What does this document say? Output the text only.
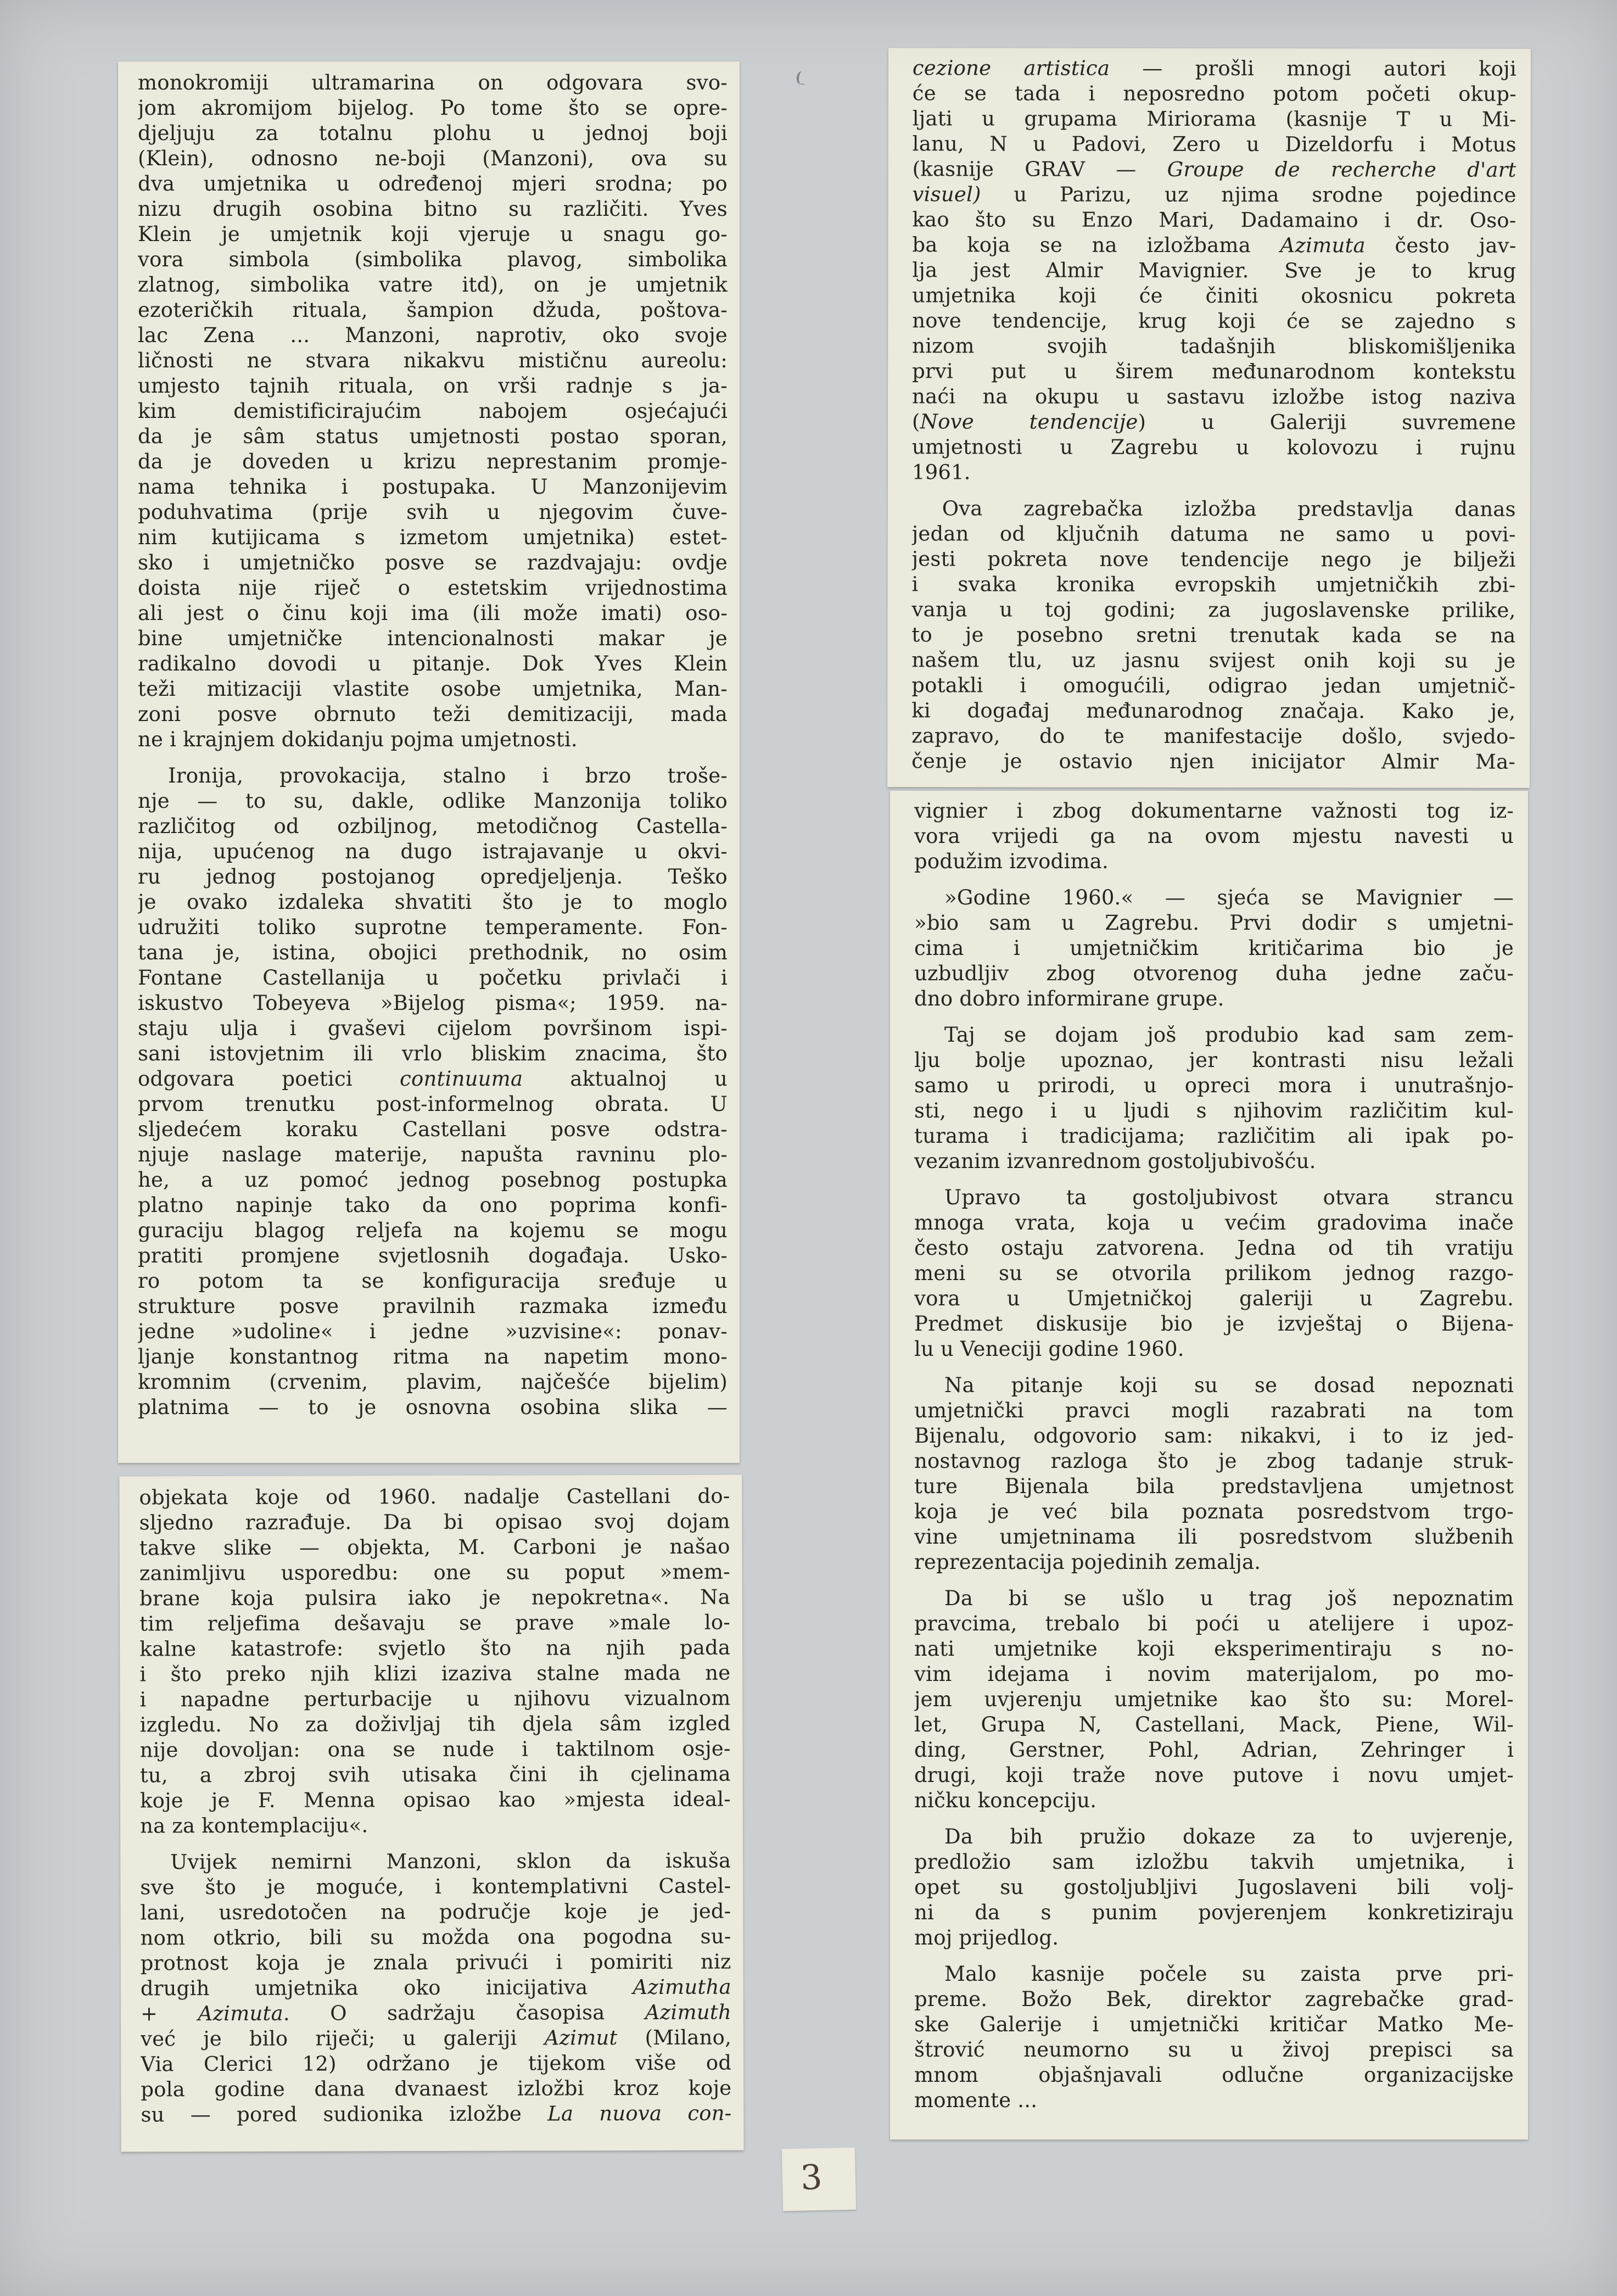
monokromiji ultramarina on odgovara svo-
jom akromijom bijelog. Po tome što se opre-
djeljuju za totalnu plohu u jednoj boji
(Klein), odnosno ne-boji (Manzoni), ova su
dva umjetnika u određenoj mjeri srodna; po
nizu drugih osobina bitno su različiti. Yves
Klein je umjetnik koji vjeruje u snagu go-
vora simbola (simbolika plavog, simbolika
zlatnog, simbolika vatre itd), on je umjetnik
ezoteričkih rituala, šampion džuda, poštova-
lac Zena ... Manzoni, naprotiv, oko svoje
ličnosti ne stvara nikakvu mističnu aureolu:
umjesto tajnih rituala, on vrši radnje s ja-
kim demistificirajućim nabojem osjećajući
da je sâm status umjetnosti postao sporan,
da je doveden u krizu neprestanim promje-
nama tehnika i postupaka. U Manzonijevim
poduhvatima (prije svih u njegovim čuve-
nim kutijicama s izmetom umjetnika) estet-
sko i umjetničko posve se razdvajaju: ovdje
doista nije riječ o estetskim vrijednostima
ali jest o činu koji ima (ili može imati) oso-
bine umjetničke intencionalnosti makar je
radikalno dovodi u pitanje. Dok Yves Klein
teži mitizaciji vlastite osobe umjetnika, Man-
zoni posve obrnuto teži demitizaciji, mada
ne i krajnjem dokidanju pojma umjetnosti.
Ironija, provokacija, stalno i brzo troše-
nje — to su, dakle, odlike Manzonija toliko
različitog od ozbiljnog, metodičnog Castella-
nija, upućenog na dugo istrajavanje u okvi-
ru jednog postojanog opredjeljenja. Teško
je ovako izdaleka shvatiti što je to moglo
udružiti toliko suprotne temperamente. Fon-
tana je, istina, obojici prethodnik, no osim
Fontane Castellanija u početku privlači i
iskustvo Tobeyeva »Bijelog pisma«; 1959. na-
staju ulja i gvaševi cijelom površinom ispi-
sani istovjetnim ili vrlo bliskim znacima, što
odgovara poetici continuuma aktualnoj u
prvom trenutku post-informelnog obrata. U
sljedećem koraku Castellani posve odstra-
njuje naslage materije, napušta ravninu plo-
he, a uz pomoć jednog posebnog postupka
platno napinje tako da ono poprima konfi-
guraciju blagog reljefa na kojemu se mogu
pratiti promjene svjetlosnih događaja. Usko-
ro potom ta se konfiguracija sređuje u
strukture posve pravilnih razmaka između
jedne »udoline« i jedne »uzvisine«: ponav-
ljanje konstantnog ritma na napetim mono-
kromnim (crvenim, plavim, najčešće bijelim)
platnima — to je osnovna osobina slika —
objekata koje od 1960. nadalje Castellani do-
sljedno razrađuje. Da bi opisao svoj dojam
takve slike — objekta, M. Carboni je našao
zanimljivu usporedbu: one su poput »mem-
brane koja pulsira iako je nepokretna«. Na
tim reljefima dešavaju se prave »male lo-
kalne katastrofe: svjetlo što na njih pada
i što preko njih klizi izaziva stalne mada ne
i napadne perturbacije u njihovu vizualnom
izgledu. No za doživljaj tih djela sâm izgled
nije dovoljan: ona se nude i taktilnom osje-
tu, a zbroj svih utisaka čini ih cjelinama
koje je F. Menna opisao kao »mjesta ideal-
na za kontemplaciju«.
Uvijek nemirni Manzoni, sklon da iskuša
sve što je moguće, i kontemplativni Castel-
lani, usredotočen na područje koje je jed-
nom otkrio, bili su možda ona pogodna su-
protnost koja je znala privući i pomiriti niz
drugih umjetnika oko inicijativa Azimutha
+ Azimuta. O sadržaju časopisa Azimuth
već je bilo riječi; u galeriji Azimut (Milano,
Via Clerici 12) održano je tijekom više od
pola godine dana dvanaest izložbi kroz koje
su — pored sudionika izložbe La nuova con-
cezione artistica — prošli mnogi autori koji
će se tada i neposredno potom početi okup-
ljati u grupama Miriorama (kasnije T u Mi-
lanu, N u Padovi, Zero u Dizeldorfu i Motus
(kasnije GRAV — Groupe de recherche d'art
visuel) u Parizu, uz njima srodne pojedince
kao što su Enzo Mari, Dadamaino i dr. Oso-
ba koja se na izložbama Azimuta često jav-
lja jest Almir Mavignier. Sve je to krug
umjetnika koji će činiti okosnicu pokreta
nove tendencije, krug koji će se zajedno s
nizom svojih tadašnjih bliskomišljenika
prvi put u širem međunarodnom kontekstu
naći na okupu u sastavu izložbe istog naziva
(Nove tendencije) u Galeriji suvremene
umjetnosti u Zagrebu u kolovozu i rujnu
1961.
Ova zagrebačka izložba predstavlja danas
jedan od ključnih datuma ne samo u povi-
jesti pokreta nove tendencije nego je bilježi
i svaka kronika evropskih umjetničkih zbi-
vanja u toj godini; za jugoslavenske prilike,
to je posebno sretni trenutak kada se na
našem tlu, uz jasnu svijest onih koji su je
potakli i omogućili, odigrao jedan umjetnič-
ki događaj međunarodnog značaja. Kako je,
zapravo, do te manifestacije došlo, svjedo-
čenje je ostavio njen inicijator Almir Ma-
vignier i zbog dokumentarne važnosti tog iz-
vora vrijedi ga na ovom mjestu navesti u
podužim izvodima.
»Godine 1960.« — sjeća se Mavignier —
»bio sam u Zagrebu. Prvi dodir s umjetni-
cima i umjetničkim kritičarima bio je
uzbudljiv zbog otvorenog duha jedne začu-
dno dobro informirane grupe.
Taj se dojam još produbio kad sam zem-
lju bolje upoznao, jer kontrasti nisu ležali
samo u prirodi, u opreci mora i unutrašnjo-
sti, nego i u ljudi s njihovim različitim kul-
turama i tradicijama; različitim ali ipak po-
vezanim izvanrednom gostoljubivošću.
Upravo ta gostoljubivost otvara strancu
mnoga vrata, koja u većim gradovima inače
često ostaju zatvorena. Jedna od tih vratiju
meni su se otvorila prilikom jednog razgo-
vora u Umjetničkoj galeriji u Zagrebu.
Predmet diskusije bio je izvještaj o Bijena-
lu u Veneciji godine 1960.
Na pitanje koji su se dosad nepoznati
umjetnički pravci mogli razabrati na tom
Bijenalu, odgovorio sam: nikakvi, i to iz jed-
nostavnog razloga što je zbog tadanje struk-
ture Bijenala bila predstavljena umjetnost
koja je već bila poznata posredstvom trgo-
vine umjetninama ili posredstvom službenih
reprezentacija pojedinih zemalja.
Da bi se ušlo u trag još nepoznatim
pravcima, trebalo bi poći u atelijere i upoz-
nati umjetnike koji eksperimentiraju s no-
vim idejama i novim materijalom, po mo-
jem uvjerenju umjetnike kao što su: Morel-
let, Grupa N, Castellani, Mack, Piene, Wil-
ding, Gerstner, Pohl, Adrian, Zehringer i
drugi, koji traže nove putove i novu umjet-
ničku koncepciju.
Da bih pružio dokaze za to uvjerenje,
predložio sam izložbu takvih umjetnika, i
opet su gostoljubljivi Jugoslaveni bili volj-
ni da s punim povjerenjem konkretiziraju
moj prijedlog.
Malo kasnije počele su zaista prve pri-
preme. Božo Bek, direktor zagrebačke grad-
ske Galerije i umjetnički kritičar Matko Me-
štrović neumorno su u živoj prepisci sa
mnom objašnjavali odlučne organizacijske
momente ...
3
